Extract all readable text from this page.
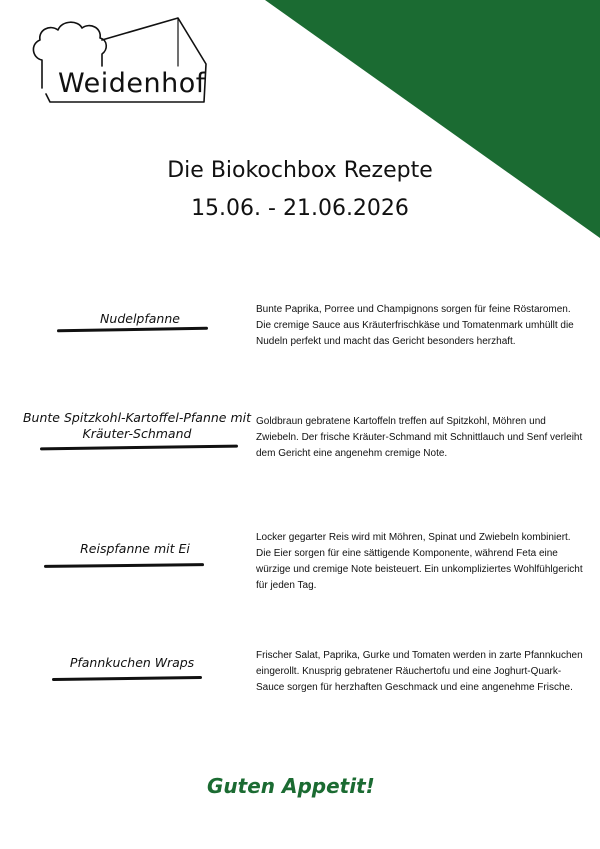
Weidenhof
Die Biokochbox Rezepte
15.06. - 21.06.2026
Nudelpfanne
Bunte Paprika, Porree und Champignons sorgen für feine Röstaromen. Die cremige Sauce aus Kräuterfrischkäse und Tomatenmark umhüllt die Nudeln perfekt und macht das Gericht besonders herzhaft.
Bunte Spitzkohl-Kartoffel-Pfanne mit Kräuter-Schmand
Goldbraun gebratene Kartoffeln treffen auf Spitzkohl, Möhren und Zwiebeln. Der frische Kräuter-Schmand mit Schnittlauch und Senf verleiht dem Gericht eine angenehm cremige Note.
Reispfanne mit Ei
Locker gegarter Reis wird mit Möhren, Spinat und Zwiebeln kombiniert. Die Eier sorgen für eine sättigende Komponente, während Feta eine würzige und cremige Note beisteuert. Ein unkompliziertes Wohlfühlgericht für jeden Tag.
Pfannkuchen Wraps	Frischer Salat, Paprika, Gurke und Tomaten werden in zarte Pfannkuchen eingerollt. Knusprig gebratener Räuchertofu und eine Joghurt-Quark-Sauce sorgen für herzhaften Geschmack und eine angenehme Frische.
Guten Appetit!
